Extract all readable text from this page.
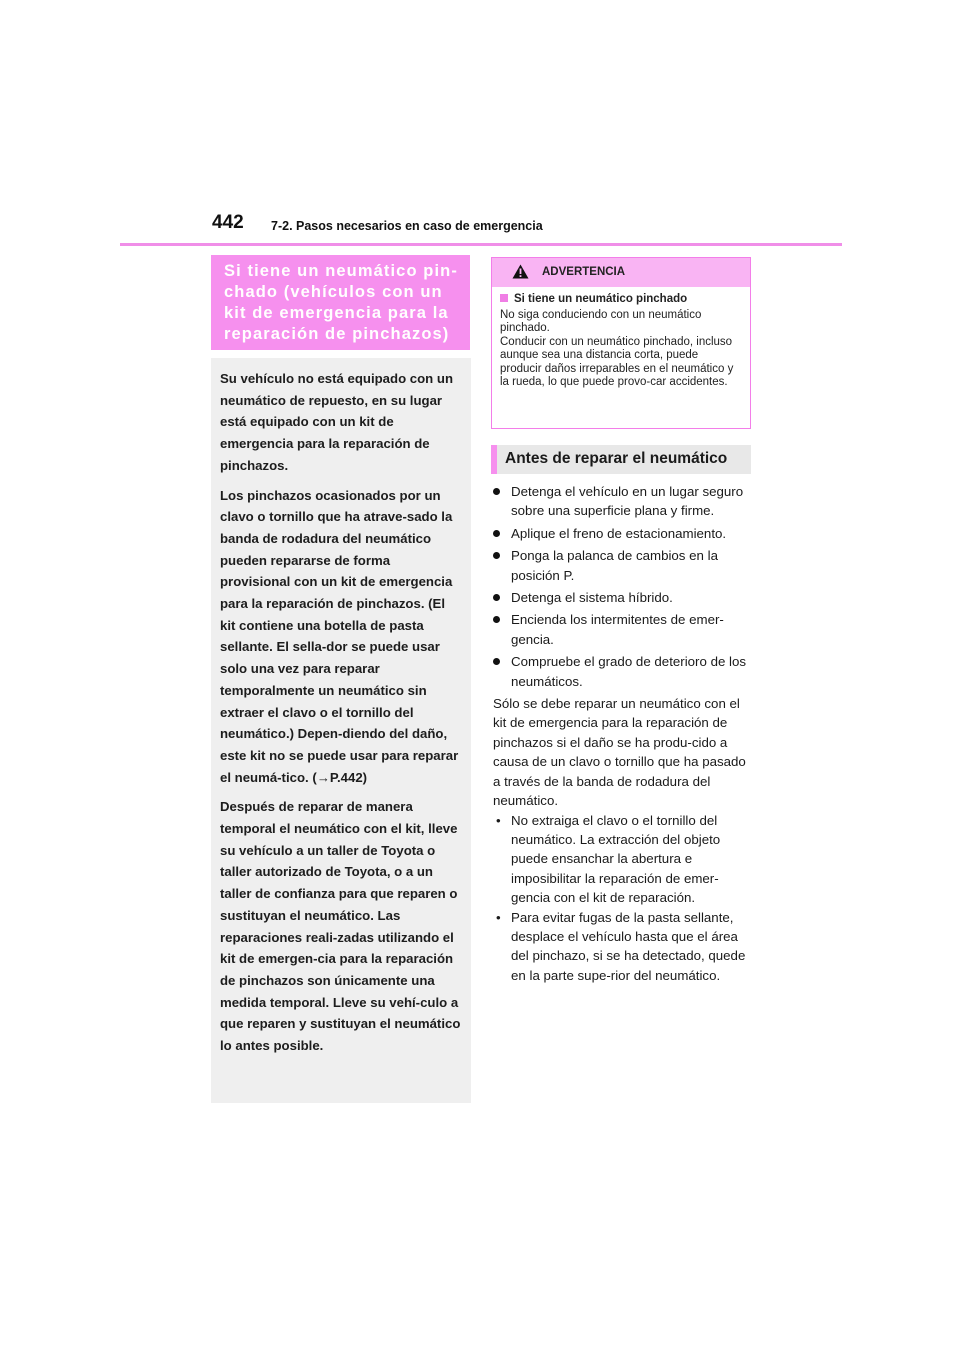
442 7-2. Pasos necesarios en caso de emergencia
Si tiene un neumático pin-chado (vehículos con un kit de emergencia para la reparación de pinchazos)

Su vehículo no está equipado con un neumático de repuesto, en su lugar está equipado con un kit de emergencia para la reparación de pinchazos.

Los pinchazos ocasionados por un clavo o tornillo que ha atrave-sado la banda de rodadura del neumático pueden repararse de forma provisional con un kit de emergencia para la reparación de pinchazos. (El kit contiene una botella de pasta sellante. El sella-dor se puede usar solo una vez para reparar temporalmente un neumático sin extraer el clavo o el tornillo del neumático.) Depen-diendo del daño, este kit no se puede usar para reparar el neumá-tico. (→P.442)

Después de reparar de manera temporal el neumático con el kit, lleve su vehículo a un taller de Toyota o taller autorizado de Toyota, o a un taller de confianza para que reparen o sustituyan el neumático. Las reparaciones reali-zadas utilizando el kit de emergen-cia para la reparación de pinchazos son únicamente una medida temporal. Lleve su vehí-culo a que reparen y sustituyan el neumático lo antes posible.

ADVERTENCIA
Si tiene un neumático pinchado

No siga conduciendo con un neumático pinchado.

Conducir con un neumático pinchado, incluso aunque sea una distancia corta, puede producir daños irreparables en el neumático y la rueda, lo que puede provo-car accidentes.

Antes de reparar el neumático
Detenga el vehículo en un lugar seguro sobre una superficie plana y firme.
Aplique el freno de estacionamiento.
Ponga la palanca de cambios en la posición P.
Detenga el sistema híbrido.
Encienda los intermitentes de emer-gencia.
Compruebe el grado de deterioro de los neumáticos.

Sólo se debe reparar un neumático con el kit de emergencia para la reparación de pinchazos si el daño se ha produ-cido a causa de un clavo o tornillo que ha pasado a través de la banda de rodadura del neumático.

• No extraiga el clavo o el tornillo del neumático. La extracción del objeto puede ensanchar la abertura e imposibilitar la reparación de emer-gencia con el kit de reparación.
• Para evitar fugas de la pasta sellante, desplace el vehículo hasta que el área del pinchazo, si se ha detectado, quede en la parte supe-rior del neumático.
